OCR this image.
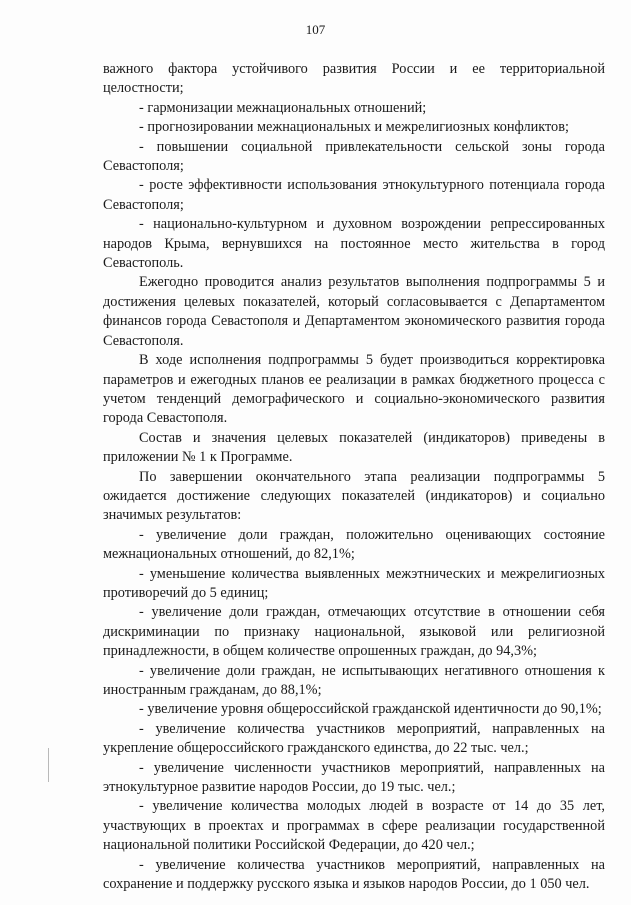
107

важного фактора устойчивого развития России и ее территориальной целостности;

- гармонизации межнациональных отношений;

- прогнозировании межнациональных и межрелигиозных конфликтов;

- повышении социальной привлекательности сельской зоны города Севастополя;

- росте эффективности использования этнокультурного потенциала города Севастополя;

- национально-культурном и духовном возрождении репрессированных народов Крыма, вернувшихся на постоянное место жительства в город Севастополь.

Ежегодно проводится анализ результатов выполнения подпрограммы 5 и достижения целевых показателей, который согласовывается с Департаментом финансов города Севастополя и Департаментом экономического развития города Севастополя.

В ходе исполнения подпрограммы 5 будет производиться корректировка параметров и ежегодных планов ее реализации в рамках бюджетного процесса с учетом тенденций демографического и социально-экономического развития города Севастополя.

Состав и значения целевых показателей (индикаторов) приведены в приложении № 1 к Программе.

По завершении окончательного этапа реализации подпрограммы 5 ожидается достижение следующих показателей (индикаторов) и социально значимых результатов:

- увеличение доли граждан, положительно оценивающих состояние межнациональных отношений, до 82,1%;

- уменьшение количества выявленных межэтнических и межрелигиозных противоречий до 5 единиц;

- увеличение доли граждан, отмечающих отсутствие в отношении себя дискриминации по признаку национальной, языковой или религиозной принадлежности, в общем количестве опрошенных граждан, до 94,3%;

- увеличение доли граждан, не испытывающих негативного отношения к иностранным гражданам, до 88,1%;

- увеличение уровня общероссийской гражданской идентичности до 90,1%;

- увеличение количества участников мероприятий, направленных на укрепление общероссийского гражданского единства, до 22 тыс. чел.;

- увеличение численности участников мероприятий, направленных на этнокультурное развитие народов России, до 19 тыс. чел.;

- увеличение количества молодых людей в возрасте от 14 до 35 лет, участвующих в проектах и программах в сфере реализации государственной национальной политики Российской Федерации, до 420 чел.;

- увеличение количества участников мероприятий, направленных на сохранение и поддержку русского языка и языков народов России, до 1 050 чел.
